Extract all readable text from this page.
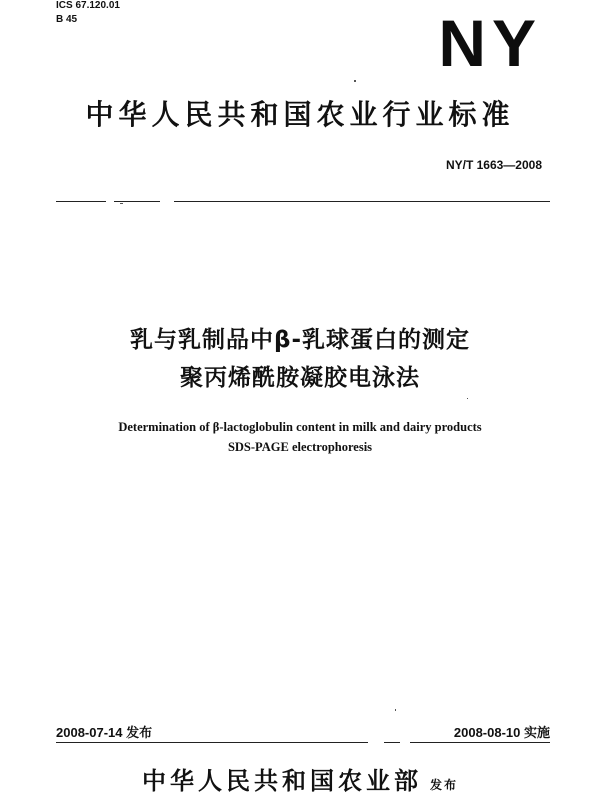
ICS 67.120.01
B 45	NY
中华人民共和国农业行业标准
NY/T 1663—2008
乳与乳制品中β-乳球蛋白的测定
聚丙烯酰胺凝胶电泳法
Determination of β-lactoglobulin content in milk and dairy products
SDS-PAGE electrophoresis
2008-07-14 发布	2008-08-10 实施
中华人民共和国农业部 发布
